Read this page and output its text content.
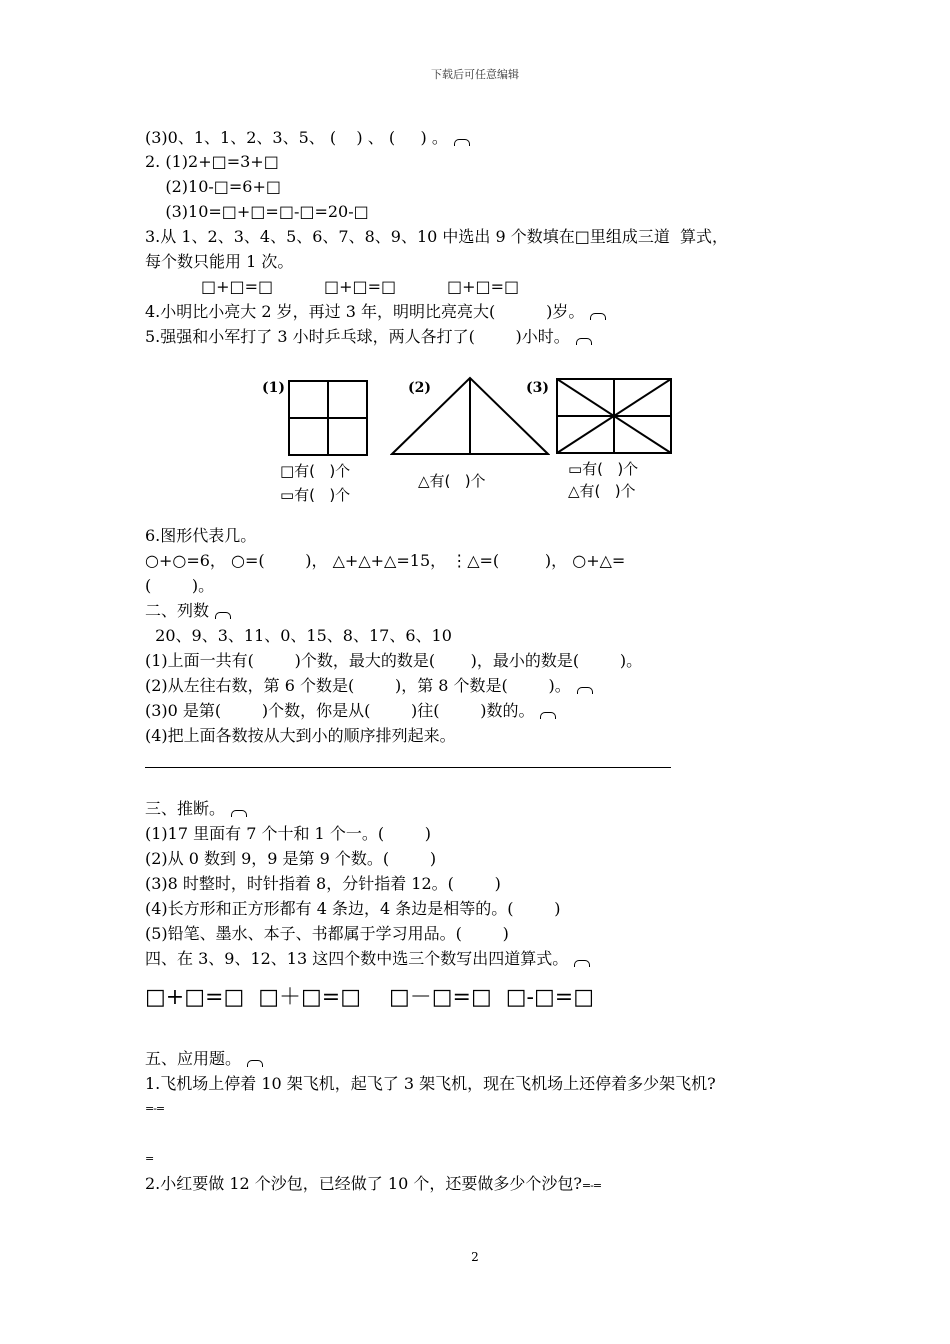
下载后可任意编辑
(3)0、1、1、2、3、5、 (    ) 、 (     ) 。
2. (1)2+□=3+□
(2)10-□=6+□
(3)10=□+□=□-□=20-□
3.从 1、2、3、4、5、6、7、8、9、10 中选出 9 个数填在□里组成三道  算式，
每个数只能用 1 次。
□+□=□          □+□=□          □+□=□
4.小明比小亮大 2 岁，再过 3 年，明明比亮亮大(          )岁。
5.强强和小军打了 3 小时乒乓球，两人各打了(        )小时。
(1)
□有(   )个
▭有(   )个
(2)
△有(   )个
(3)
▭有(   )个
△有(   )个
6.图形代表几。
○+○=6， ○=(        )， △+△+△=15， ⋮△=(         )， ○+△=
(        )。
二、列数
20、9、3、11、0、15、8、17、6、10
(1)上面一共有(        )个数，最大的数是(       )，最小的数是(        )。
(2)从左往右数，第 6 个数是(        )，第 8 个数是(        )。
(3)0 是第(        )个数，你是从(        )往(        )数的。
(4)把上面各数按从大到小的顺序排列起来。
三、推断。
(1)17 里面有 7 个十和 1 个一。(        )
(2)从 0 数到 9，9 是第 9 个数。(        )
(3)8 时整时，时针指着 8，分针指着 12。(        )
(4)长方形和正方形都有 4 条边，4 条边是相等的。(        )
(5)铅笔、墨水、本子、书都属于学习用品。(        )
四、在 3、9、12、13 这四个数中选三个数写出四道算式。
□+□=□  □＋□=□    □－□=□  □-□=□
五、应用题。
1.飞机场上停着 10 架飞机，起飞了 3 架飞机，现在飞机场上还停着多少架飞机?
=-=
=
2.小红要做 12 个沙包，已经做了 10 个，还要做多少个沙包?=-=
2
